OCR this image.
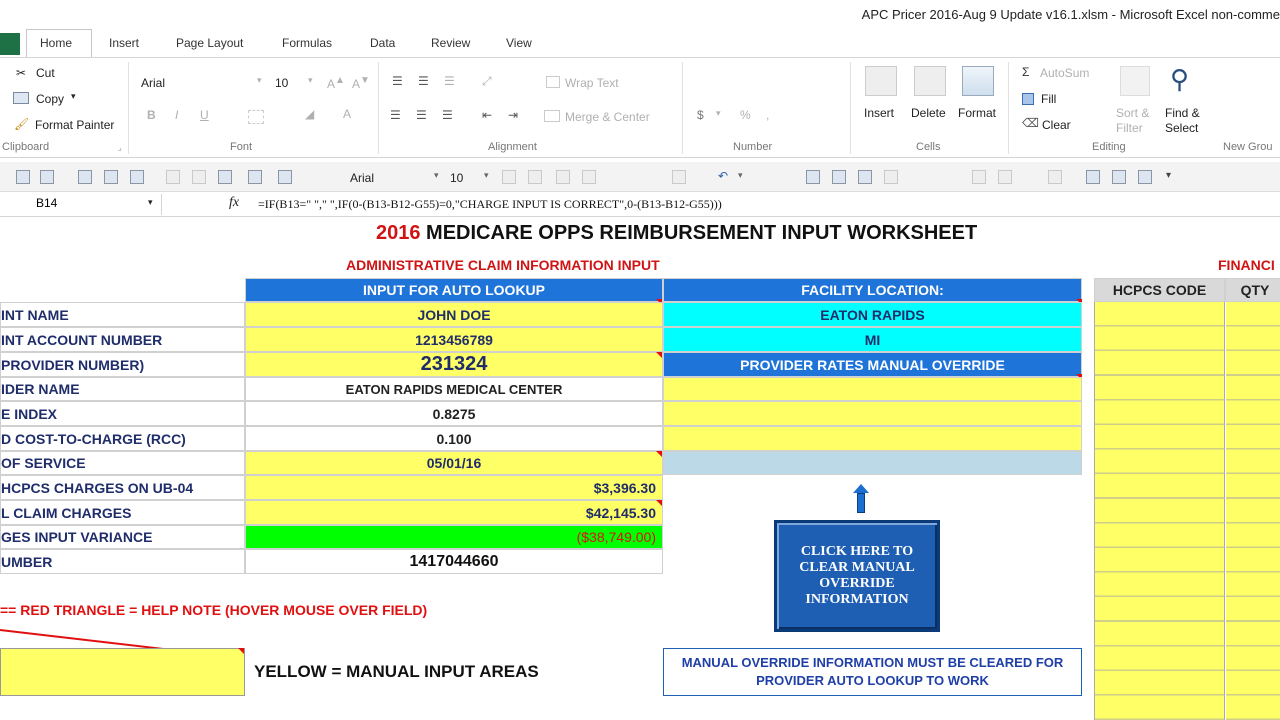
APC Pricer 2016-Aug 9 Update v16.1.xlsm - Microsoft Excel non-comme
Home	Insert	Page Layout	Formulas	Data	Review	View
✂ Cut
Copy ▾
🖌 Format Painter
Clipboard	⌟
Arial	▾ 10 ▾ A▲ A▼
B I U	◢ A
Font
☰ ☰ ☰ ⤢	Wrap Text
☰ ☰ ☰ ⇤ ⇥	Merge & Center
Alignment
$ ▾ % ,
Number
Insert Delete Format
Cells
Σ AutoSum
Fill
⌫ Clear
Sort & Filter
⚲
Find & Select
Editing	New Grou
Arial	▾ 10 ▾	↶ ▾	▾
B14	▾	fx =IF(B13=" "," ",IF(0-(B13-B12-G55)=0,"CHARGE INPUT IS CORRECT",0-(B13-B12-G55)))
2016 MEDICARE OPPS REIMBURSEMENT INPUT WORKSHEET
ADMINISTRATIVE CLAIM INFORMATION INPUT	FINANCI
INPUT FOR AUTO LOOKUP	FACILITY LOCATION:	HCPCS CODE QTY
INT NAME
INT ACCOUNT NUMBER
PROVIDER NUMBER)
IDER NAME
E INDEX
D COST-TO-CHARGE (RCC)
OF SERVICE
HCPCS CHARGES ON UB-04
L CLAIM CHARGES
GES INPUT VARIANCE
UMBER
JOHN DOE
1213456789
231324
EATON RAPIDS MEDICAL CENTER
0.8275
0.100
05/01/16
$3,396.30
$42,145.30
($38,749.00)
1417044660
EATON RAPIDS
MI
PROVIDER RATES MANUAL OVERRIDE
CLICK HERE TO CLEAR MANUAL OVERRIDE INFORMATION
MANUAL OVERRIDE INFORMATION MUST BE CLEARED FOR PROVIDER AUTO LOOKUP TO WORK
== RED TRIANGLE = HELP NOTE (HOVER MOUSE OVER FIELD)
YELLOW = MANUAL INPUT AREAS
